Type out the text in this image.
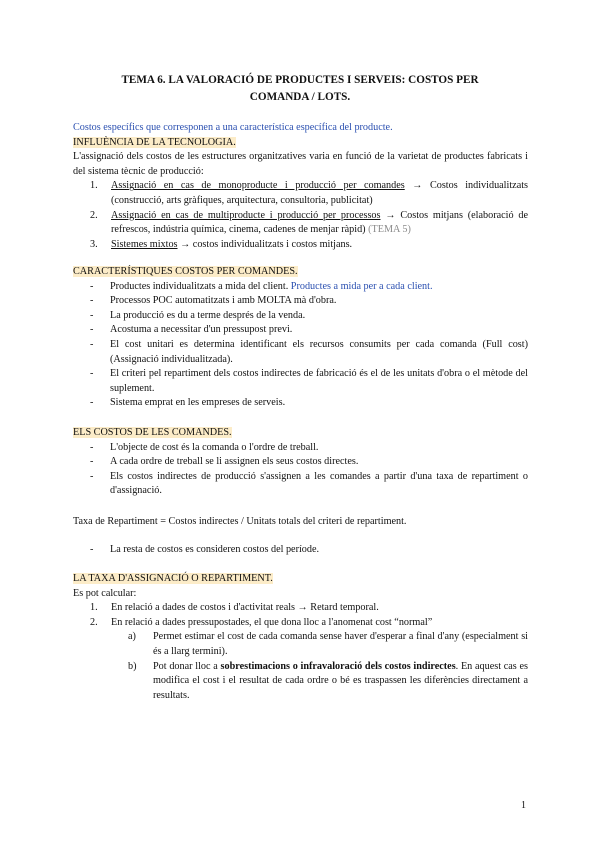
TEMA 6. LA VALORACIÓ DE PRODUCTES I SERVEIS: COSTOS PER
COMANDA / LOTS.
Costos específics que corresponen a una característica específica del producte.
INFLUÈNCIA DE LA TECNOLOGIA.
L'assignació dels costos de les estructures organitzatives varia en funció de la varietat de productes fabricats i del sistema tècnic de producció:
1. Assignació en cas de monoproducte i producció per comandes → Costos individualitzats (construcció, arts gràfiques, arquitectura, consultoria, publicitat)
2. Assignació en cas de multiproducte i producció per processos → Costos mitjans (elaboració de refrescos, indústria química, cinema, cadenes de menjar ràpid) (TEMA 5)
3. Sistemes mixtos → costos individualitzats i costos mitjans.
CARACTERÍSTIQUES COSTOS PER COMANDES.
- Productes individualitzats a mida del client. Productes a mida per a cada client.
- Processos POC automatitzats i amb MOLTA mà d'obra.
- La producció es du a terme després de la venda.
- Acostuma a necessitar d'un pressupost previ.
- El cost unitari es determina identificant els recursos consumits per cada comanda (Full cost) (Assignació individualitzada).
- El criteri pel repartiment dels costos indirectes de fabricació és el de les unitats d'obra o el mètode del suplement.
- Sistema emprat en les empreses de serveis.
ELS COSTOS DE LES COMANDES.
- L'objecte de cost és la comanda o l'ordre de treball.
- A cada ordre de treball se li assignen els seus costos directes.
- Els costos indirectes de producció s'assignen a les comandes a partir d'una taxa de repartiment o d'assignació.
Taxa de Repartiment = Costos indirectes / Unitats totals del criteri de repartiment.
- La resta de costos es consideren costos del període.
LA TAXA D'ASSIGNACIÓ O REPARTIMENT.
Es pot calcular:
1. En relació a dades de costos i d'activitat reals → Retard temporal.
2. En relació a dades pressupostades, el que dona lloc a l'anomenat cost “normal”
a) Permet estimar el cost de cada comanda sense haver d'esperar a final d'any (especialment si és a llarg termini).
b) Pot donar lloc a sobrestimacions o infravaloració dels costos indirectes. En aquest cas es modifica el cost i el resultat de cada ordre o bé es traspassen les diferències directament a resultats.
1
